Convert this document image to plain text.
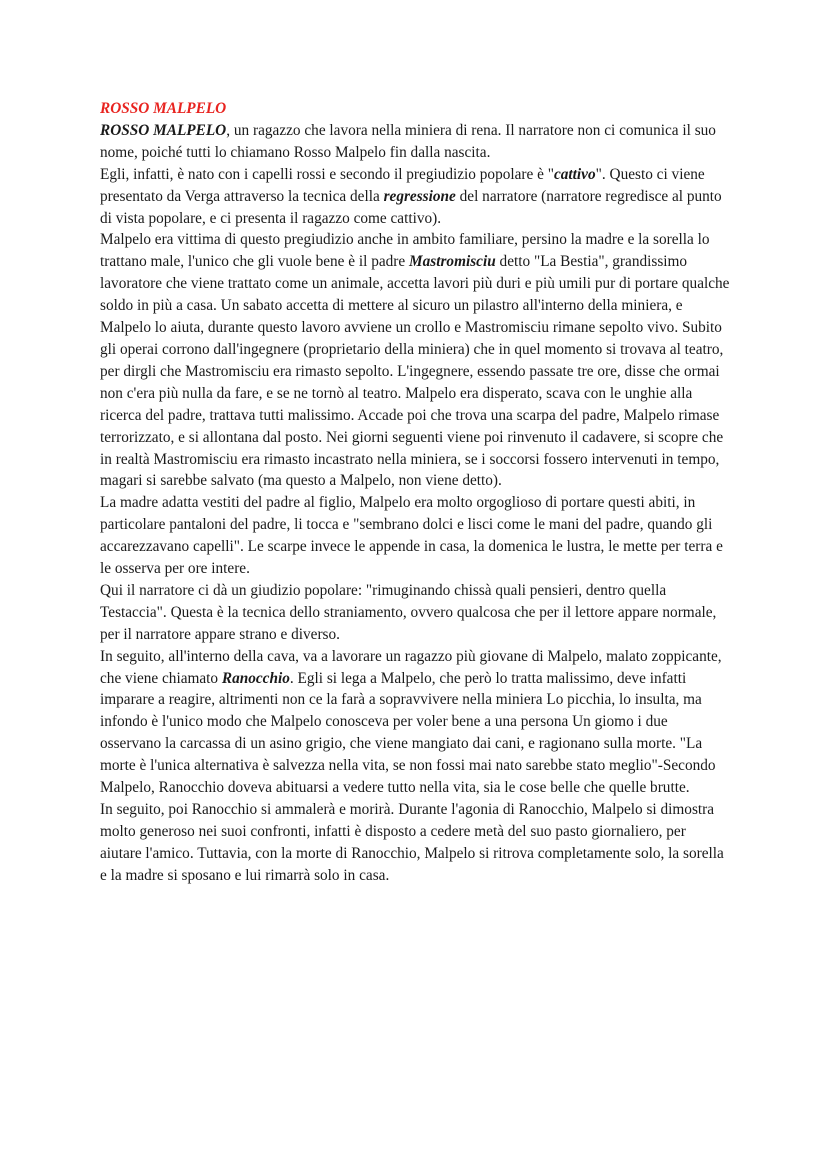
ROSSO MALPELO

ROSSO MALPELO, un ragazzo che lavora nella miniera di rena. Il narratore non ci comunica il suo nome, poiché tutti lo chiamano Rosso Malpelo fin dalla nascita.

Egli, infatti, è nato con i capelli rossi e secondo il pregiudizio popolare è "cattivo". Questo ci viene presentato da Verga attraverso la tecnica della regressione del narratore (narratore regredisce al punto di vista popolare, e ci presenta il ragazzo come cattivo).

Malpelo era vittima di questo pregiudizio anche in ambito familiare, persino la madre e la sorella lo trattano male, l'unico che gli vuole bene è il padre Mastromisciu detto "La Bestia", grandissimo lavoratore che viene trattato come un animale, accetta lavori più duri e più umili pur di portare qualche soldo in più a casa. Un sabato accetta di mettere al sicuro un pilastro all'interno della miniera, e Malpelo lo aiuta, durante questo lavoro avviene un crollo e Mastromisciu rimane sepolto vivo. Subito gli operai corrono dall'ingegnere (proprietario della miniera) che in quel momento si trovava al teatro, per dirgli che Mastromisciu era rimasto sepolto. L'ingegnere, essendo passate tre ore, disse che ormai non c'era più nulla da fare, e se ne tornò al teatro. Malpelo era disperato, scava con le unghie alla ricerca del padre, trattava tutti malissimo. Accade poi che trova una scarpa del padre, Malpelo rimase terrorizzato, e si allontana dal posto. Nei giorni seguenti viene poi rinvenuto il cadavere, si scopre che in realtà Mastromisciu era rimasto incastrato nella miniera, se i soccorsi fossero intervenuti in tempo, magari si sarebbe salvato (ma questo a Malpelo, non viene detto).

La madre adatta vestiti del padre al figlio, Malpelo era molto orgoglioso di portare questi abiti, in particolare pantaloni del padre, li tocca e "sembrano dolci e lisci come le mani del padre, quando gli accarezzavano capelli". Le scarpe invece le appende in casa, la domenica le lustra, le mette per terra e le osserva per ore intere.

Qui il narratore ci dà un giudizio popolare: "rimuginando chissà quali pensieri, dentro quella Testaccia". Questa è la tecnica dello straniamento, ovvero qualcosa che per il lettore appare normale, per il narratore appare strano e diverso.

In seguito, all'interno della cava, va a lavorare un ragazzo più giovane di Malpelo, malato zoppicante, che viene chiamato Ranocchio. Egli si lega a Malpelo, che però lo tratta malissimo, deve infatti imparare a reagire, altrimenti non ce la farà a sopravvivere nella miniera Lo picchia, lo insulta, ma infondo è l'unico modo che Malpelo conosceva per voler bene a una persona Un giomo i due osservano la carcassa di un asino grigio, che viene mangiato dai cani, e ragionano sulla morte. "La morte è l'unica alternativa è salvezza nella vita, se non fossi mai nato sarebbe stato meglio"-Secondo Malpelo, Ranocchio doveva abituarsi a vedere tutto nella vita, sia le cose belle che quelle brutte.

In seguito, poi Ranocchio si ammalerà e morirà. Durante l'agonia di Ranocchio, Malpelo si dimostra molto generoso nei suoi confronti, infatti è disposto a cedere metà del suo pasto giornaliero, per aiutare l'amico. Tuttavia, con la morte di Ranocchio, Malpelo si ritrova completamente solo, la sorella e la madre si sposano e lui rimarrà solo in casa.
